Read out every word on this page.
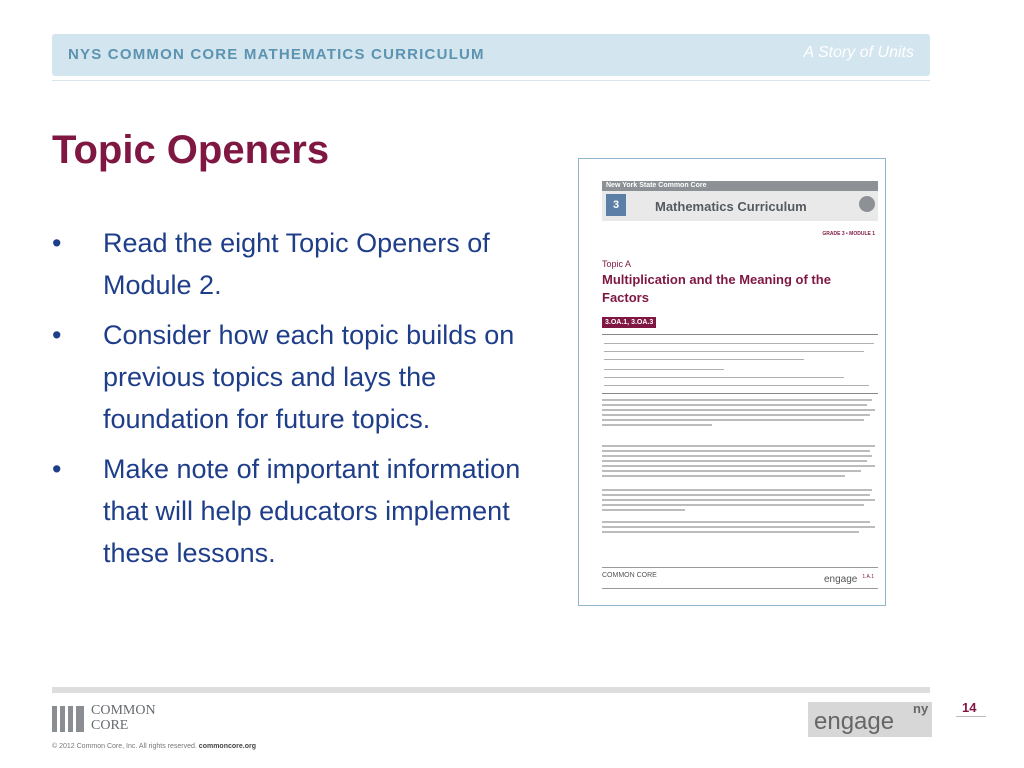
NYS COMMON CORE MATHEMATICS CURRICULUM	A Story of Units
Topic Openers
• Read the eight Topic Openers of Module 2.
• Consider how each topic builds on previous topics and lays the foundation for future topics.
• Make note of important information that will help educators implement these lessons.
New York State Common Core
3	Mathematics Curriculum
GRADE 3 • MODULE 1
Topic A
Multiplication and the Meaning of the Factors
3.OA.1, 3.OA.3
COMMON CORE	engage 1.A.1
COMMON
CORE	engage ny	14
© 2012 Common Core, Inc. All rights reserved. commoncore.org
